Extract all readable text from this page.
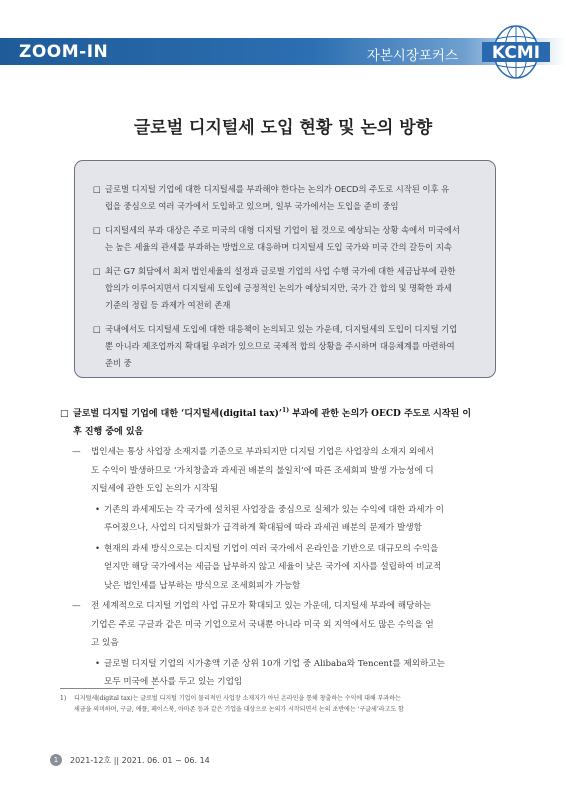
ZOOM-IN	자본시장포커스 KCMI
글로벌 디지털세 도입 현황 및 논의 방향
□ 글로벌 디지털 기업에 대한 디지털세를 부과해야 한다는 논의가 OECD의 주도로 시작된 이후 유
럽을 중심으로 여러 국가에서 도입하고 있으며, 일부 국가에서는 도입을 준비 중임
□ 디지털세의 부과 대상은 주로 미국의 대형 디지털 기업이 될 것으로 예상되는 상황 속에서 미국에서
는 높은 세율의 관세를 부과하는 방법으로 대응하며 디지털세 도입 국가와 미국 간의 갈등이 지속
□ 최근 G7 회담에서 최저 법인세율의 설정과 글로벌 기업의 사업 수행 국가에 대한 세금납부에 관한
합의가 이루어지면서 디지털세 도입에 긍정적인 논의가 예상되지만, 국가 간 합의 및 명확한 과세
기준의 정립 등 과제가 여전히 존재
□ 국내에서도 디지털세 도입에 대한 대응책이 논의되고 있는 가운데, 디지털세의 도입이 디지털 기업
뿐 아니라 제조업까지 확대될 우려가 있으므로 국제적 합의 상황을 주시하며 대응체계를 마련하여
준비 중
□ 글로벌 디지털 기업에 대한 ‘디지털세(digital tax)’$^{1)}$ 부과에 관한 논의가 OECD 주도로 시작된 이
후 진행 중에 있음
— 법인세는 통상 사업장 소재지를 기준으로 부과되지만 디지털 기업은 사업장의 소재지 외에서
도 수익이 발생하므로 ‘가치창출과 과세권 배분의 불일치’에 따른 조세회피 발생 가능성에 디
지털세에 관한 도입 논의가 시작됨
• 기존의 과세제도는 각 국가에 설치된 사업장을 중심으로 실체가 있는 수익에 대한 과세가 이
루어졌으나, 사업의 디지털화가 급격하게 확대됨에 따라 과세권 배분의 문제가 발생함
• 현재의 과세 방식으로는 디지털 기업이 여러 국가에서 온라인을 기반으로 대규모의 수익을
얻지만 해당 국가에서는 세금을 납부하지 않고 세율이 낮은 국가에 지사를 설립하여 비교적
낮은 법인세를 납부하는 방식으로 조세회피가 가능함
— 전 세계적으로 디지털 기업의 사업 규모가 확대되고 있는 가운데, 디지털세 부과에 해당하는
기업은 주로 구글과 같은 미국 기업으로서 국내뿐 아니라 미국 외 지역에서도 많은 수익을 얻
고 있음
• 글로벌 디지털 기업의 시가총액 기준 상위 10개 기업 중 Alibaba와 Tencent를 제외하고는
모두 미국에 본사를 두고 있는 기업임
1) 디지털세(digital tax)는 글로벌 디지털 기업이 물리적인 사업장 소재지가 아닌 온라인을 통해 창출하는 수익에 대해 부과하는
세금을 의미하며, 구글, 애플, 페이스북, 아마존 등과 같은 기업을 대상으로 논의가 시작되면서 논의 초반에는 ‘구글세’라고도 함
1	2021-12호 || 2021. 06. 01 ~ 06. 14
